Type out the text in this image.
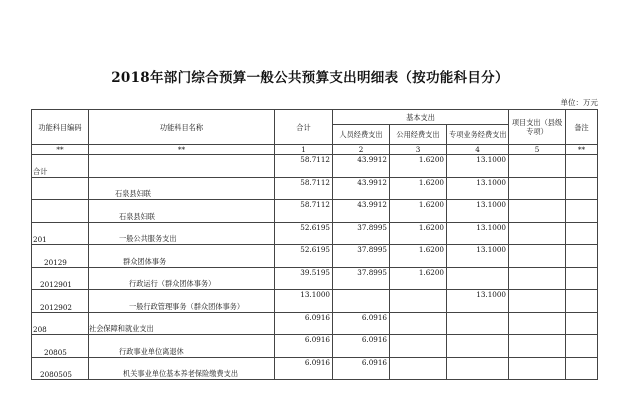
2018年部门综合预算一般公共预算支出明细表（按功能科目分）
单位：万元
功能科目编码	功能科目名称	合计	基本支出			项目支出（县级专项）	备注
			人员经费支出	公用经费支出	专项业务经费支出		
**	**	1	2	3	4	5	**
合计		58.7112	43.9912	1.6200	13.1000		
	石泉县妇联	58.7112	43.9912	1.6200	13.1000		
	石泉县妇联	58.7112	43.9912	1.6200	13.1000		
201	一般公共服务支出	52.6195	37.8995	1.6200	13.1000		
20129	群众团体事务	52.6195	37.8995	1.6200	13.1000		
2012901	行政运行（群众团体事务）	39.5195	37.8995	1.6200			
2012902	一般行政管理事务（群众团体事务）	13.1000			13.1000		
208	社会保障和就业支出	6.0916	6.0916				
20805	行政事业单位离退休	6.0916	6.0916				
2080505	机关事业单位基本养老保险缴费支出	6.0916	6.0916				
